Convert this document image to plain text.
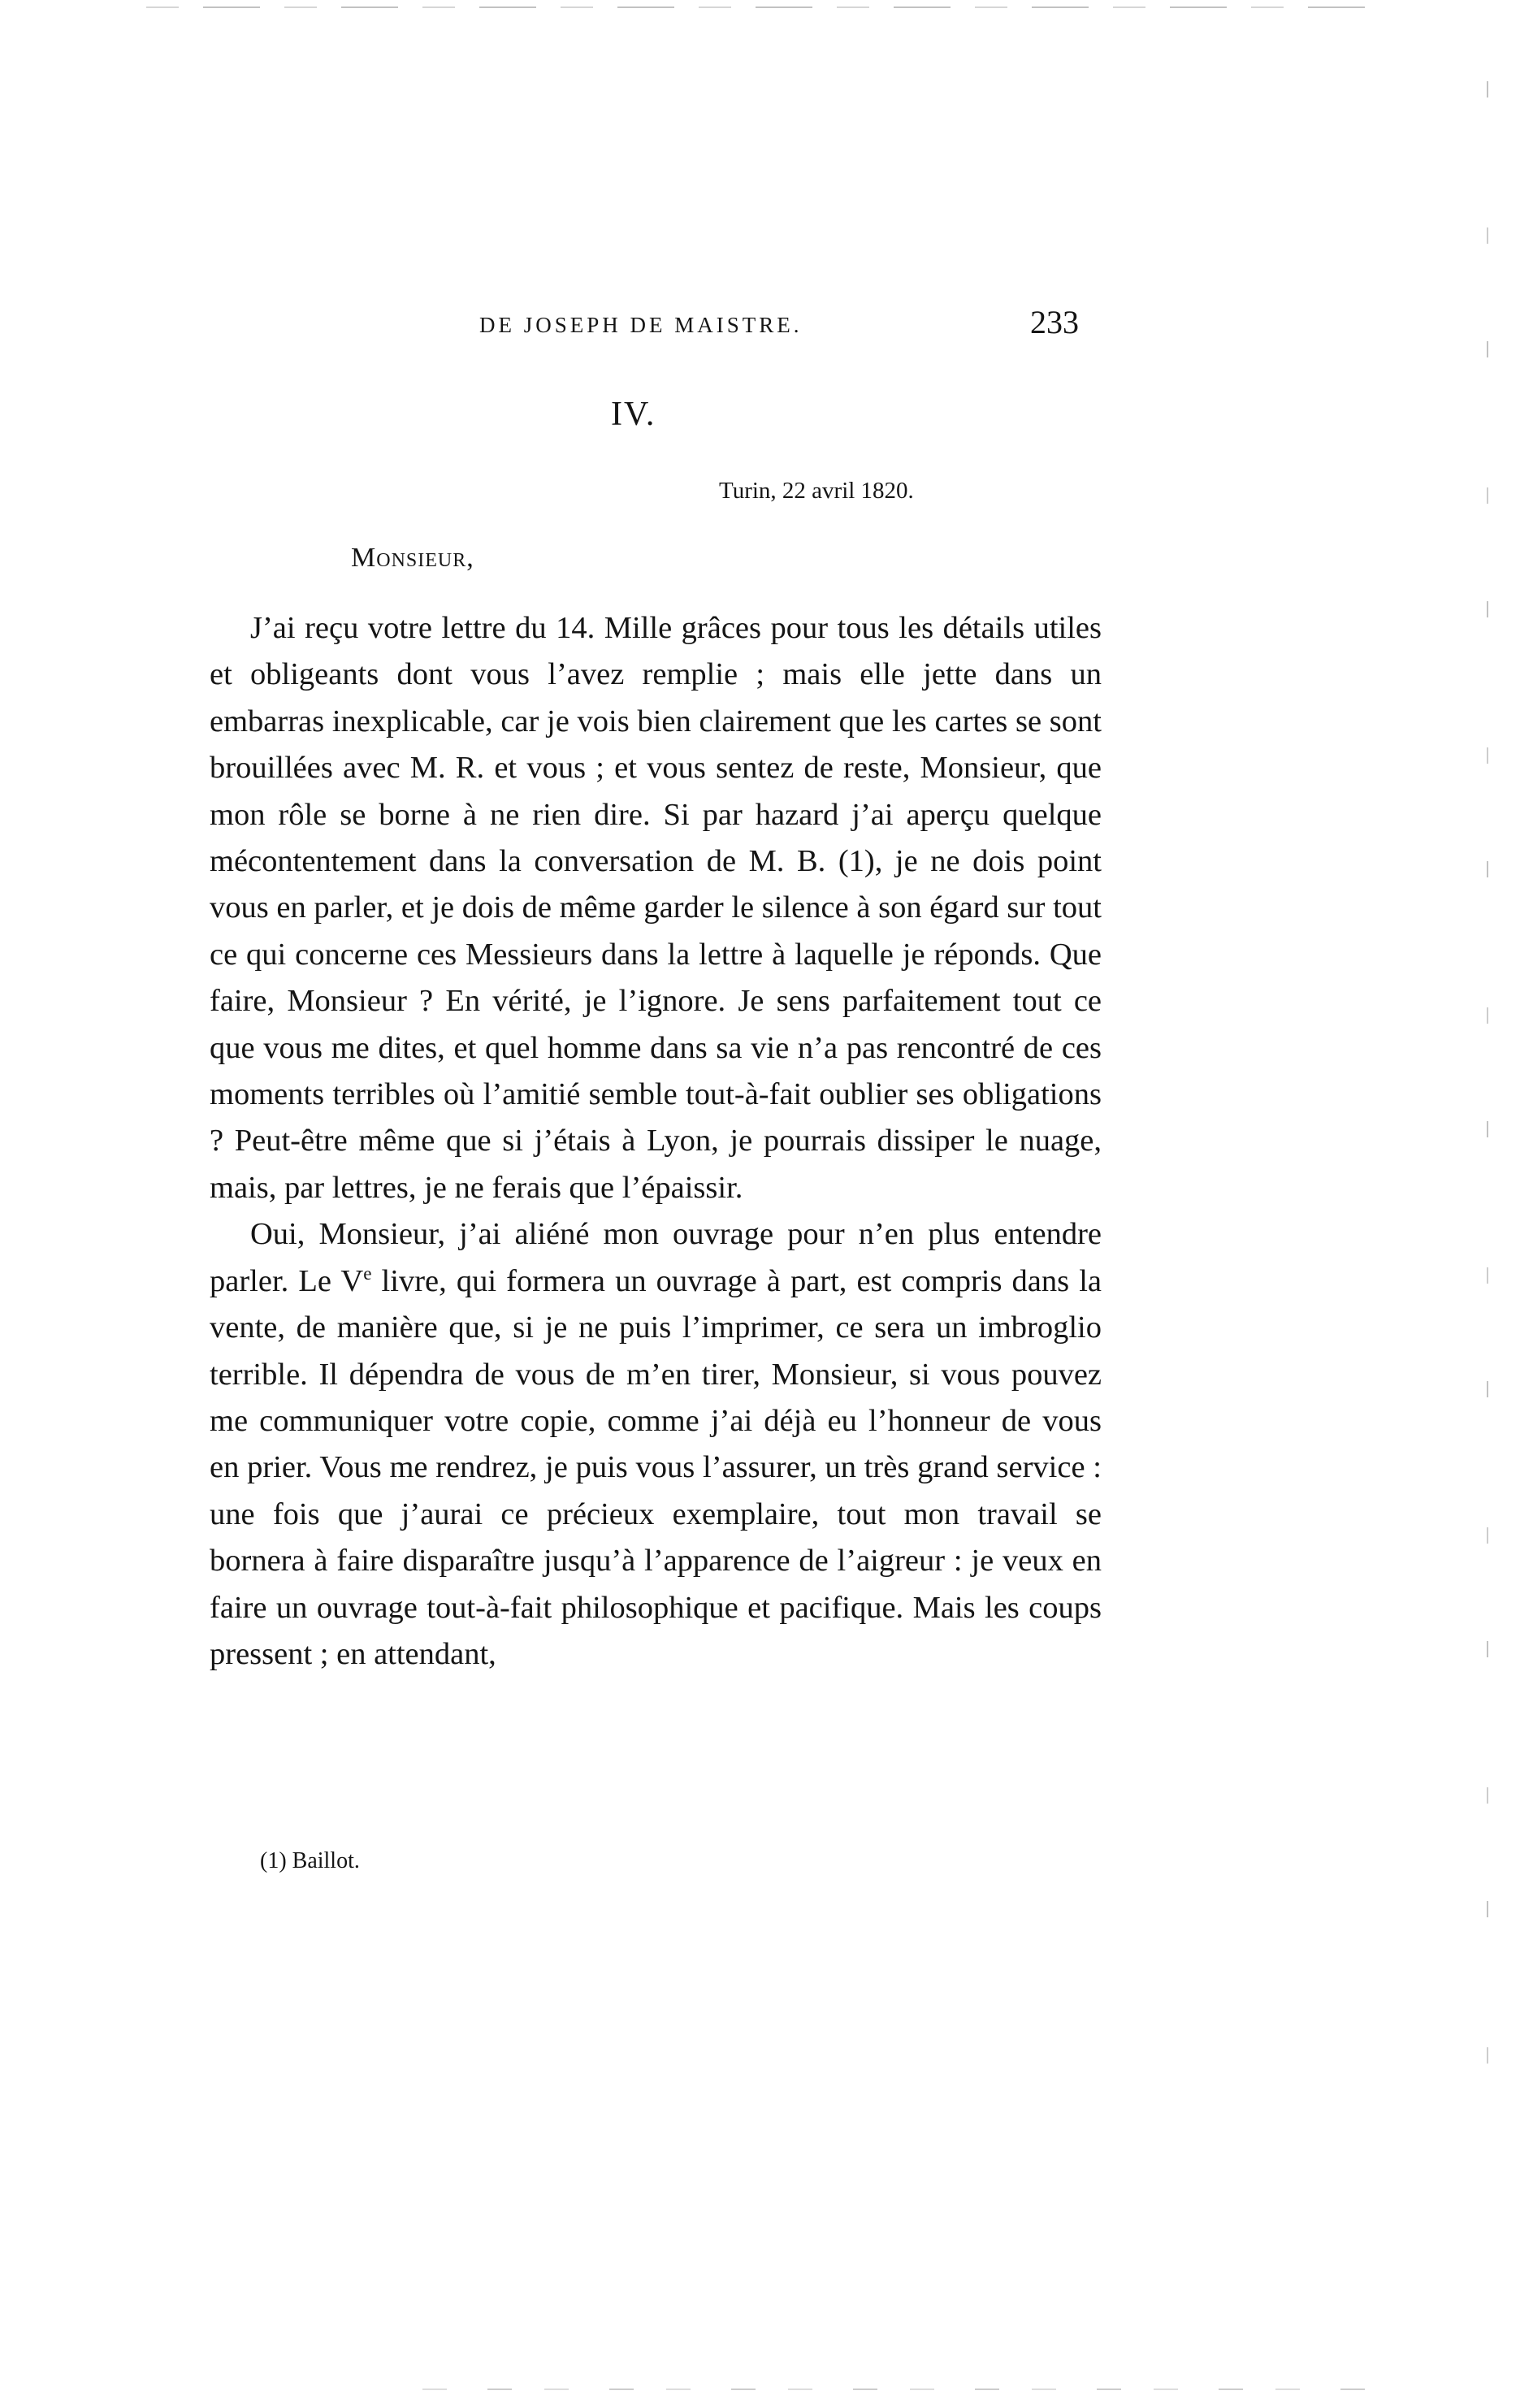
DE JOSEPH DE MAISTRE.	233
IV.
Turin, 22 avril 1820.
Monsieur,

J’ai reçu votre lettre du 14. Mille grâces pour tous les détails utiles et obligeants dont vous l’avez remplie ; mais elle jette dans un embarras inexplicable, car je vois bien clairement que les cartes se sont brouillées avec M. R. et vous ; et vous sentez de reste, Monsieur, que mon rôle se borne à ne rien dire. Si par hazard j’ai aperçu quelque mécontentement dans la conversation de M. B. (1), je ne dois point vous en parler, et je dois de même garder le silence à son égard sur tout ce qui concerne ces Messieurs dans la lettre à laquelle je réponds. Que faire, Monsieur ? En vérité, je l’ignore. Je sens parfaitement tout ce que vous me dites, et quel homme dans sa vie n’a pas rencontré de ces moments terribles où l’amitié semble tout-à-fait oublier ses obligations ? Peut-être même que si j’étais à Lyon, je pourrais dissiper le nuage, mais, par lettres, je ne ferais que l’épaissir.

Oui, Monsieur, j’ai aliéné mon ouvrage pour n’en plus entendre parler. Le Ve livre, qui formera un ouvrage à part, est compris dans la vente, de manière que, si je ne puis l’imprimer, ce sera un imbroglio terrible. Il dépendra de vous de m’en tirer, Monsieur, si vous pouvez me communiquer votre copie, comme j’ai déjà eu l’honneur de vous en prier. Vous me rendrez, je puis vous l’assurer, un très grand service : une fois que j’aurai ce précieux exemplaire, tout mon travail se bornera à faire disparaître jusqu’à l’apparence de l’aigreur : je veux en faire un ouvrage tout-à-fait philosophique et pacifique. Mais les coups pressent ; en attendant,

(1) Baillot.
